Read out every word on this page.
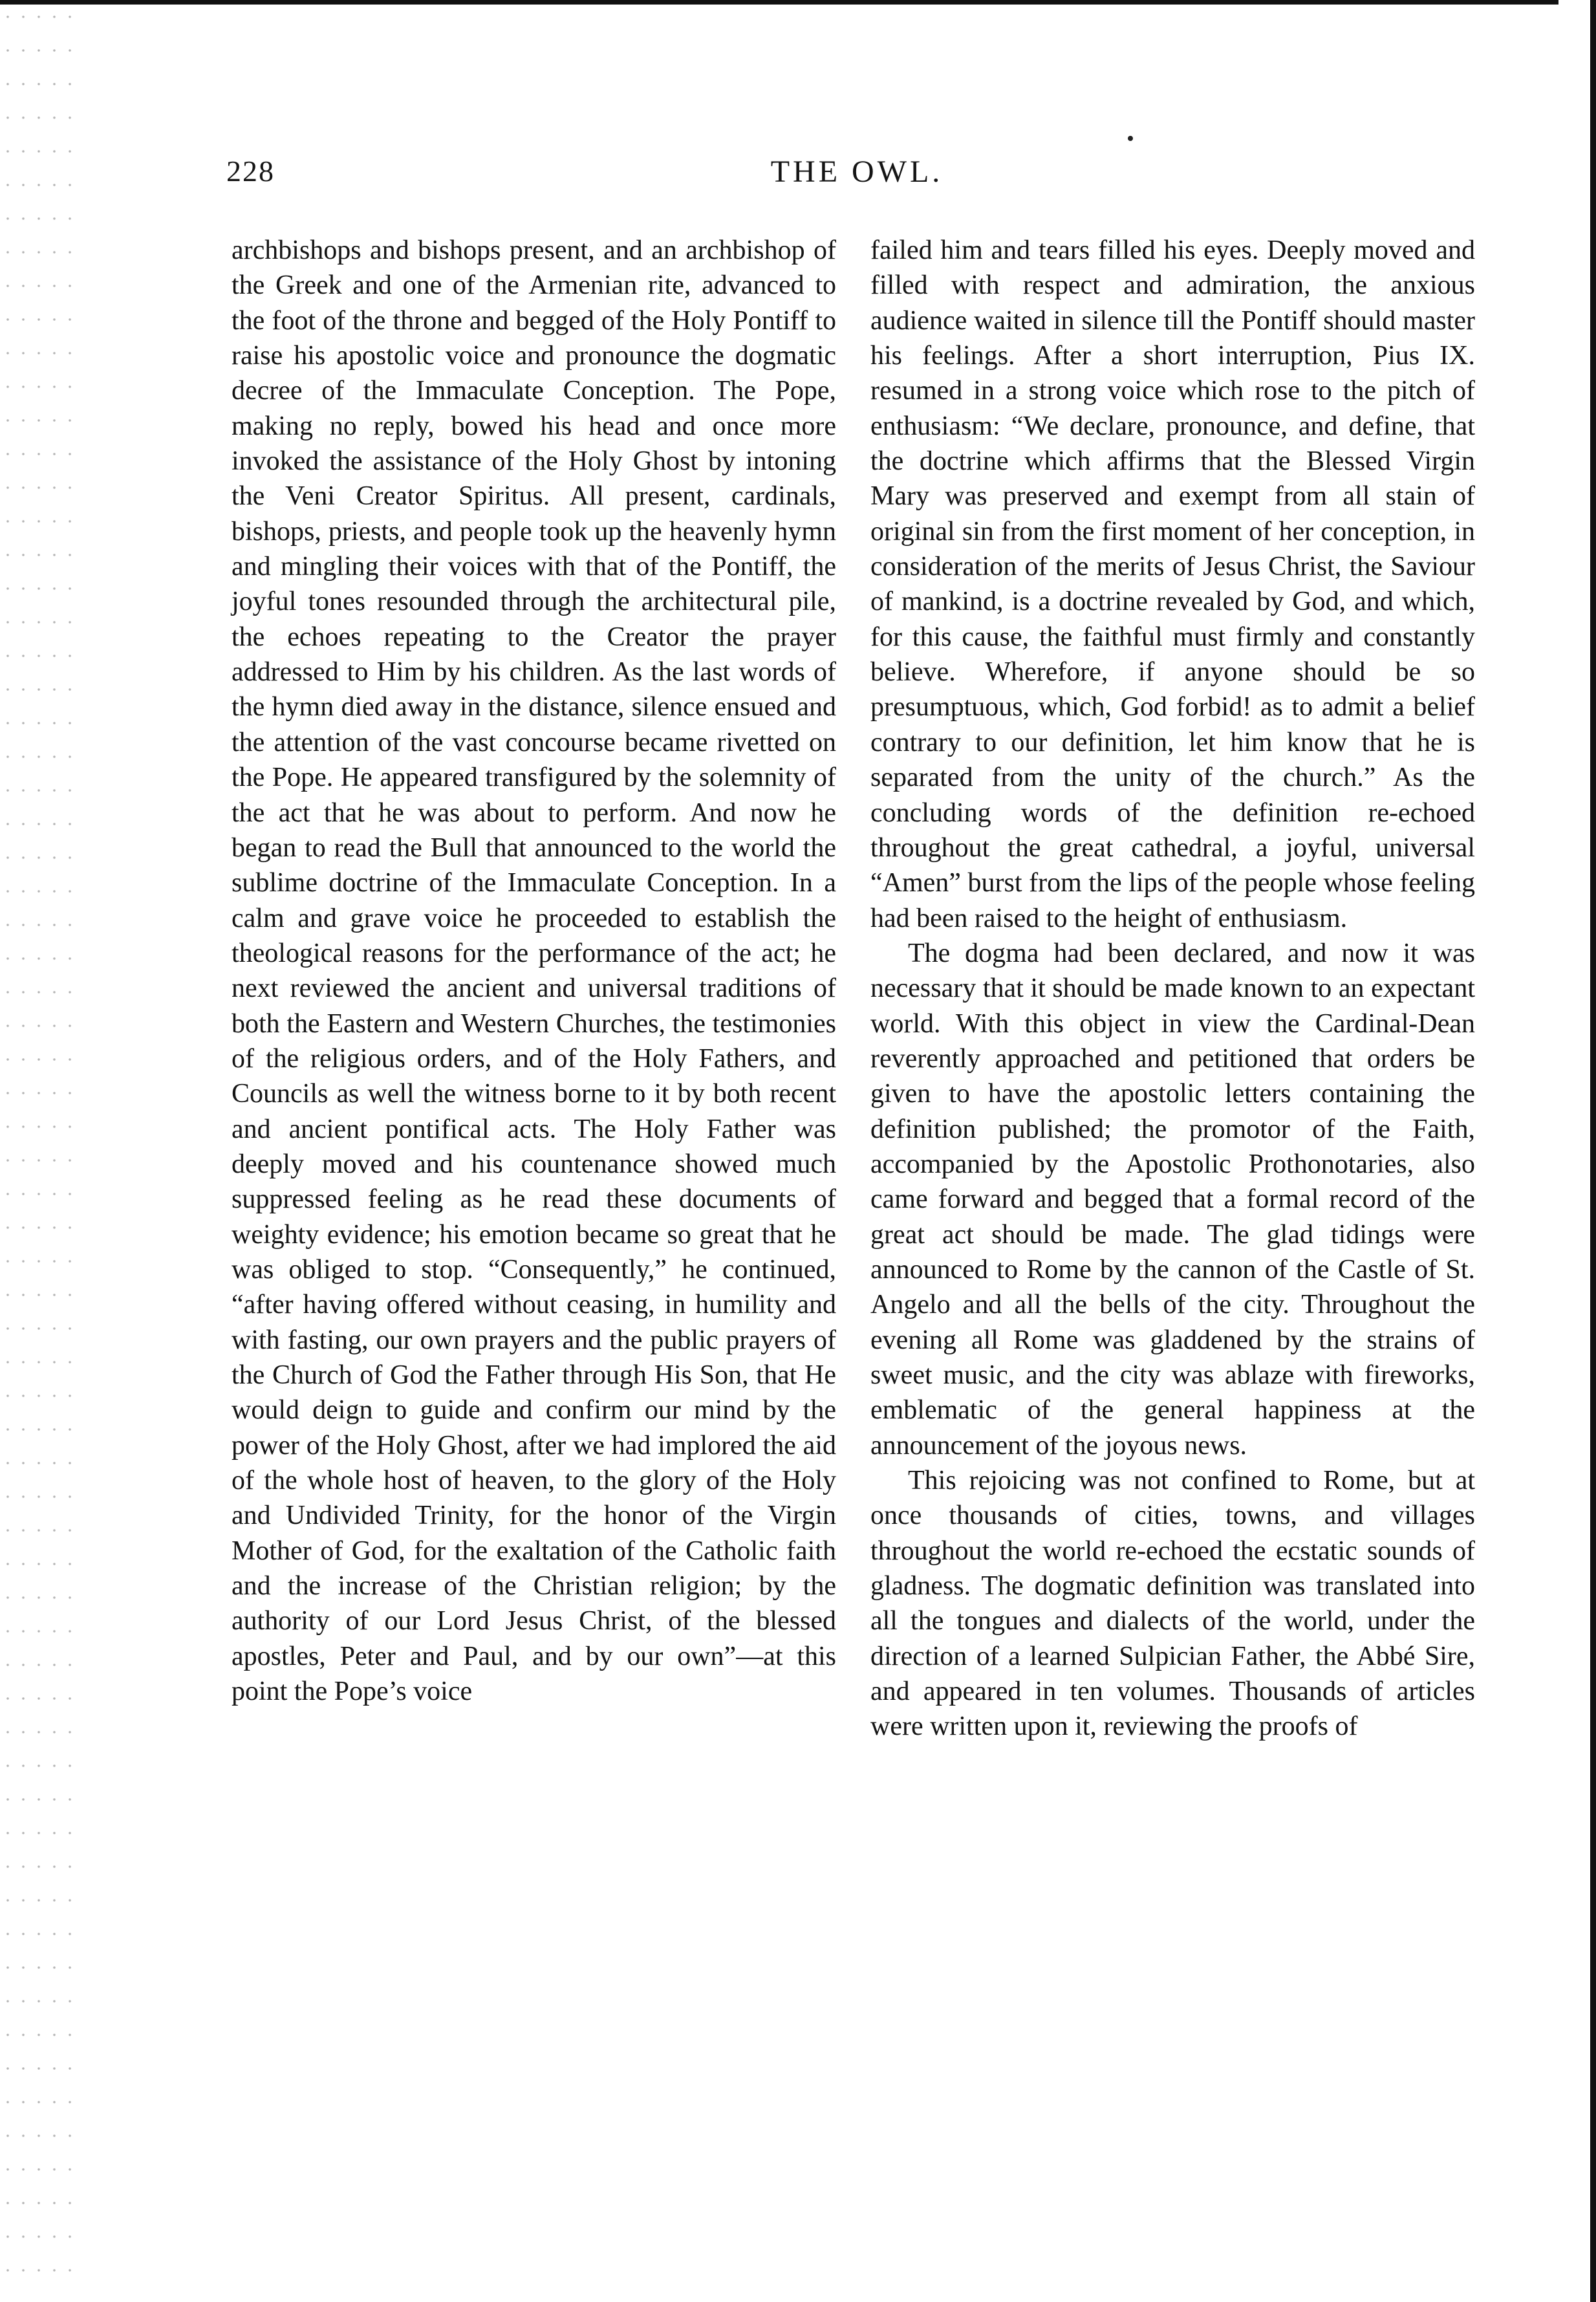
228	THE OWL.

archbishops and bishops present, and an archbishop of the Greek and one of the Armenian rite, advanced to the foot of the throne and begged of the Holy Pontiff to raise his apostolic voice and pronounce the dogmatic decree of the Immaculate Conception. The Pope, making no reply, bowed his head and once more invoked the assistance of the Holy Ghost by intoning the Veni Creator Spiritus. All present, cardinals, bishops, priests, and people took up the heavenly hymn and mingling their voices with that of the Pontiff, the joyful tones resounded through the architectural pile, the echoes repeating to the Creator the prayer addressed to Him by his children. As the last words of the hymn died away in the distance, silence ensued and the attention of the vast concourse became rivetted on the Pope. He appeared transfigured by the solemnity of the act that he was about to perform. And now he began to read the Bull that announced to the world the sublime doctrine of the Immaculate Conception. In a calm and grave voice he proceeded to establish the theological reasons for the performance of the act; he next reviewed the ancient and universal traditions of both the Eastern and Western Churches, the testimonies of the religious orders, and of the Holy Fathers, and Councils as well the witness borne to it by both recent and ancient pontifical acts. The Holy Father was deeply moved and his countenance showed much suppressed feeling as he read these documents of weighty evidence; his emotion became so great that he was obliged to stop. “Consequently,” he continued, “after having offered without ceasing, in humility and with fasting, our own prayers and the public prayers of the Church of God the Father through His Son, that He would deign to guide and confirm our mind by the power of the Holy Ghost, after we had implored the aid of the whole host of heaven, to the glory of the Holy and Undivided Trinity, for the honor of the Virgin Mother of God, for the exaltation of the Catholic faith and the increase of the Christian religion; by the authority of our Lord Jesus Christ, of the blessed apostles, Peter and Paul, and by our own”—at this point the Pope’s voice

failed him and tears filled his eyes. Deeply moved and filled with respect and admiration, the anxious audience waited in silence till the Pontiff should master his feelings. After a short interruption, Pius IX. resumed in a strong voice which rose to the pitch of enthusiasm: “We declare, pronounce, and define, that the doctrine which affirms that the Blessed Virgin Mary was preserved and exempt from all stain of original sin from the first moment of her conception, in consideration of the merits of Jesus Christ, the Saviour of mankind, is a doctrine revealed by God, and which, for this cause, the faithful must firmly and constantly believe. Wherefore, if anyone should be so presumptuous, which, God forbid! as to admit a belief contrary to our definition, let him know that he is separated from the unity of the church.” As the concluding words of the definition re-echoed throughout the great cathedral, a joyful, universal “Amen” burst from the lips of the people whose feeling had been raised to the height of enthusiasm.

The dogma had been declared, and now it was necessary that it should be made known to an expectant world. With this object in view the Cardinal-Dean reverently approached and petitioned that orders be given to have the apostolic letters containing the definition published; the promotor of the Faith, accompanied by the Apostolic Prothonotaries, also came forward and begged that a formal record of the great act should be made. The glad tidings were announced to Rome by the cannon of the Castle of St. Angelo and all the bells of the city. Throughout the evening all Rome was gladdened by the strains of sweet music, and the city was ablaze with fireworks, emblematic of the general happiness at the announcement of the joyous news.

This rejoicing was not confined to Rome, but at once thousands of cities, towns, and villages throughout the world re-echoed the ecstatic sounds of gladness. The dogmatic definition was translated into all the tongues and dialects of the world, under the direction of a learned Sulpician Father, the Abbé Sire, and appeared in ten volumes. Thousands of articles were written upon it, reviewing the proofs of
